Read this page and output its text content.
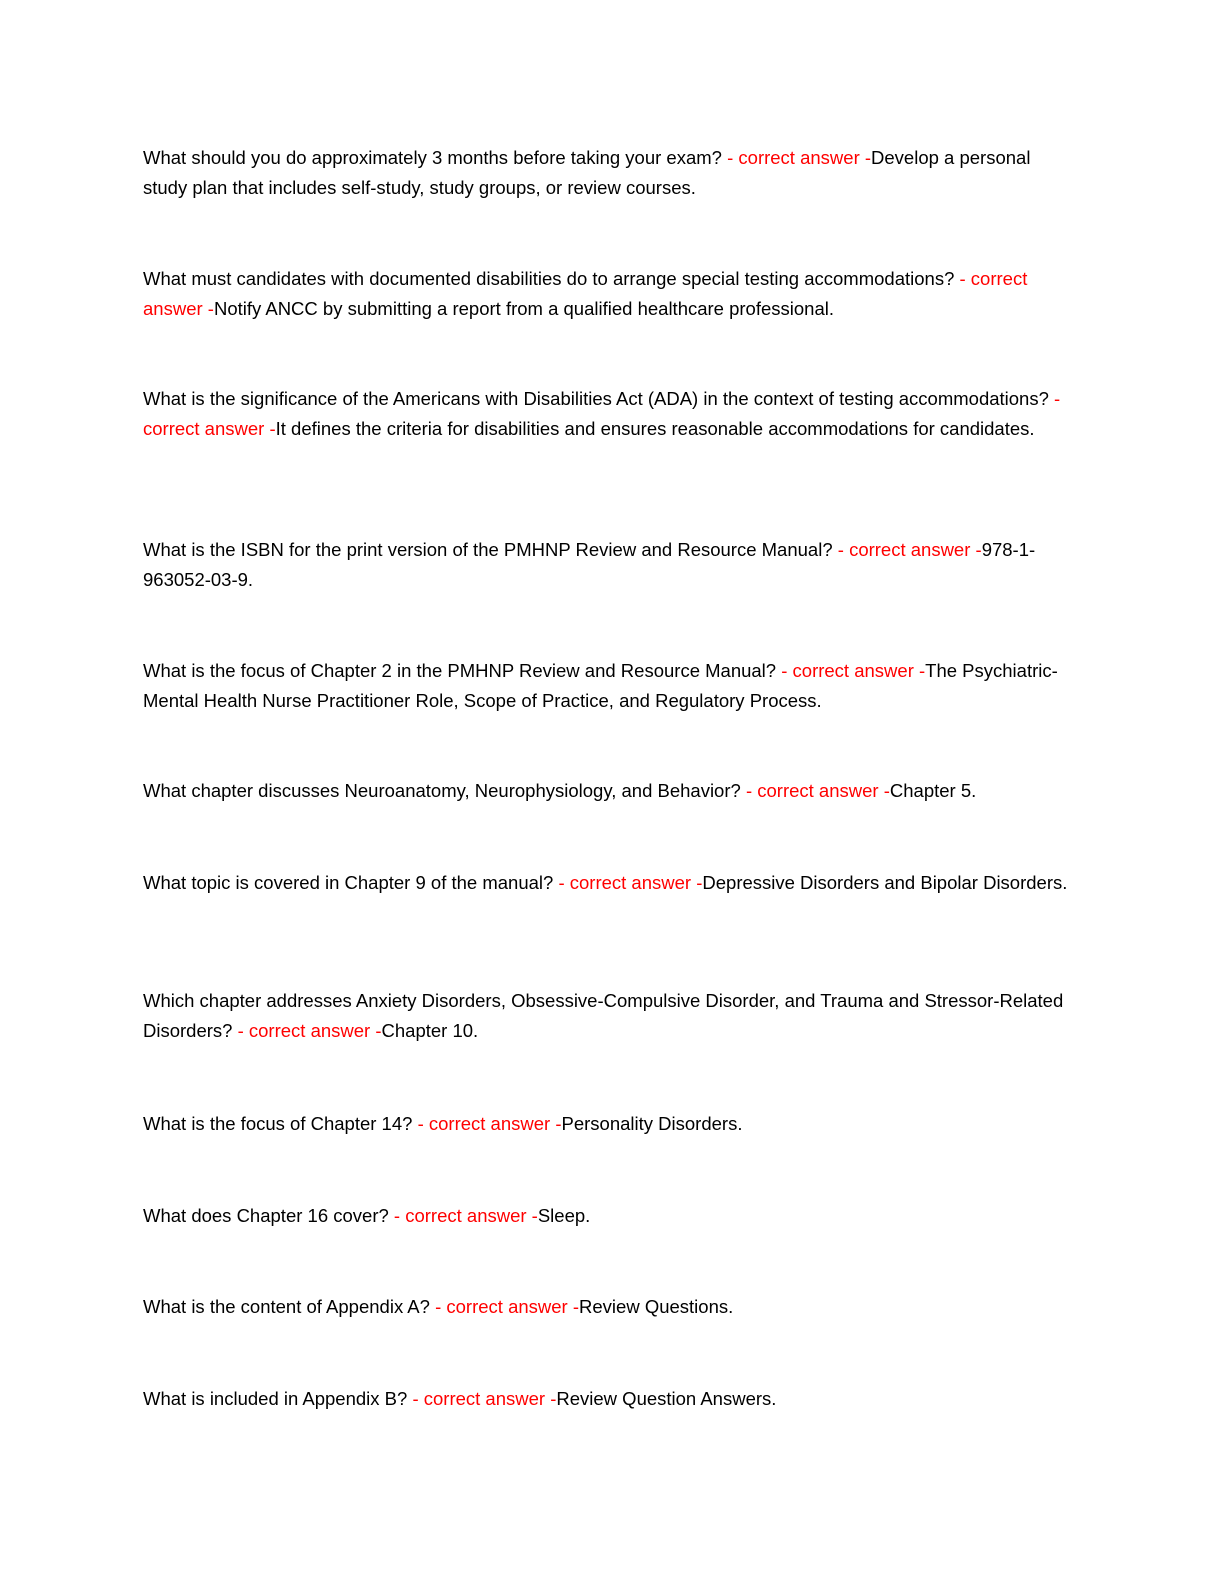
What should you do approximately 3 months before taking your exam? - correct answer -Develop a personal study plan that includes self-study, study groups, or review courses.

What must candidates with documented disabilities do to arrange special testing accommodations? - correct answer -Notify ANCC by submitting a report from a qualified healthcare professional.

What is the significance of the Americans with Disabilities Act (ADA) in the context of testing accommodations? - correct answer -It defines the criteria for disabilities and ensures reasonable accommodations for candidates.

What is the ISBN for the print version of the PMHNP Review and Resource Manual? - correct answer -978-1-963052-03-9.

What is the focus of Chapter 2 in the PMHNP Review and Resource Manual? - correct answer -The Psychiatric-Mental Health Nurse Practitioner Role, Scope of Practice, and Regulatory Process.

What chapter discusses Neuroanatomy, Neurophysiology, and Behavior? - correct answer -Chapter 5.

What topic is covered in Chapter 9 of the manual? - correct answer -Depressive Disorders and Bipolar Disorders.

Which chapter addresses Anxiety Disorders, Obsessive-Compulsive Disorder, and Trauma and Stressor-Related Disorders? - correct answer -Chapter 10.

What is the focus of Chapter 14? - correct answer -Personality Disorders.

What does Chapter 16 cover? - correct answer -Sleep.

What is the content of Appendix A? - correct answer -Review Questions.

What is included in Appendix B? - correct answer -Review Question Answers.
